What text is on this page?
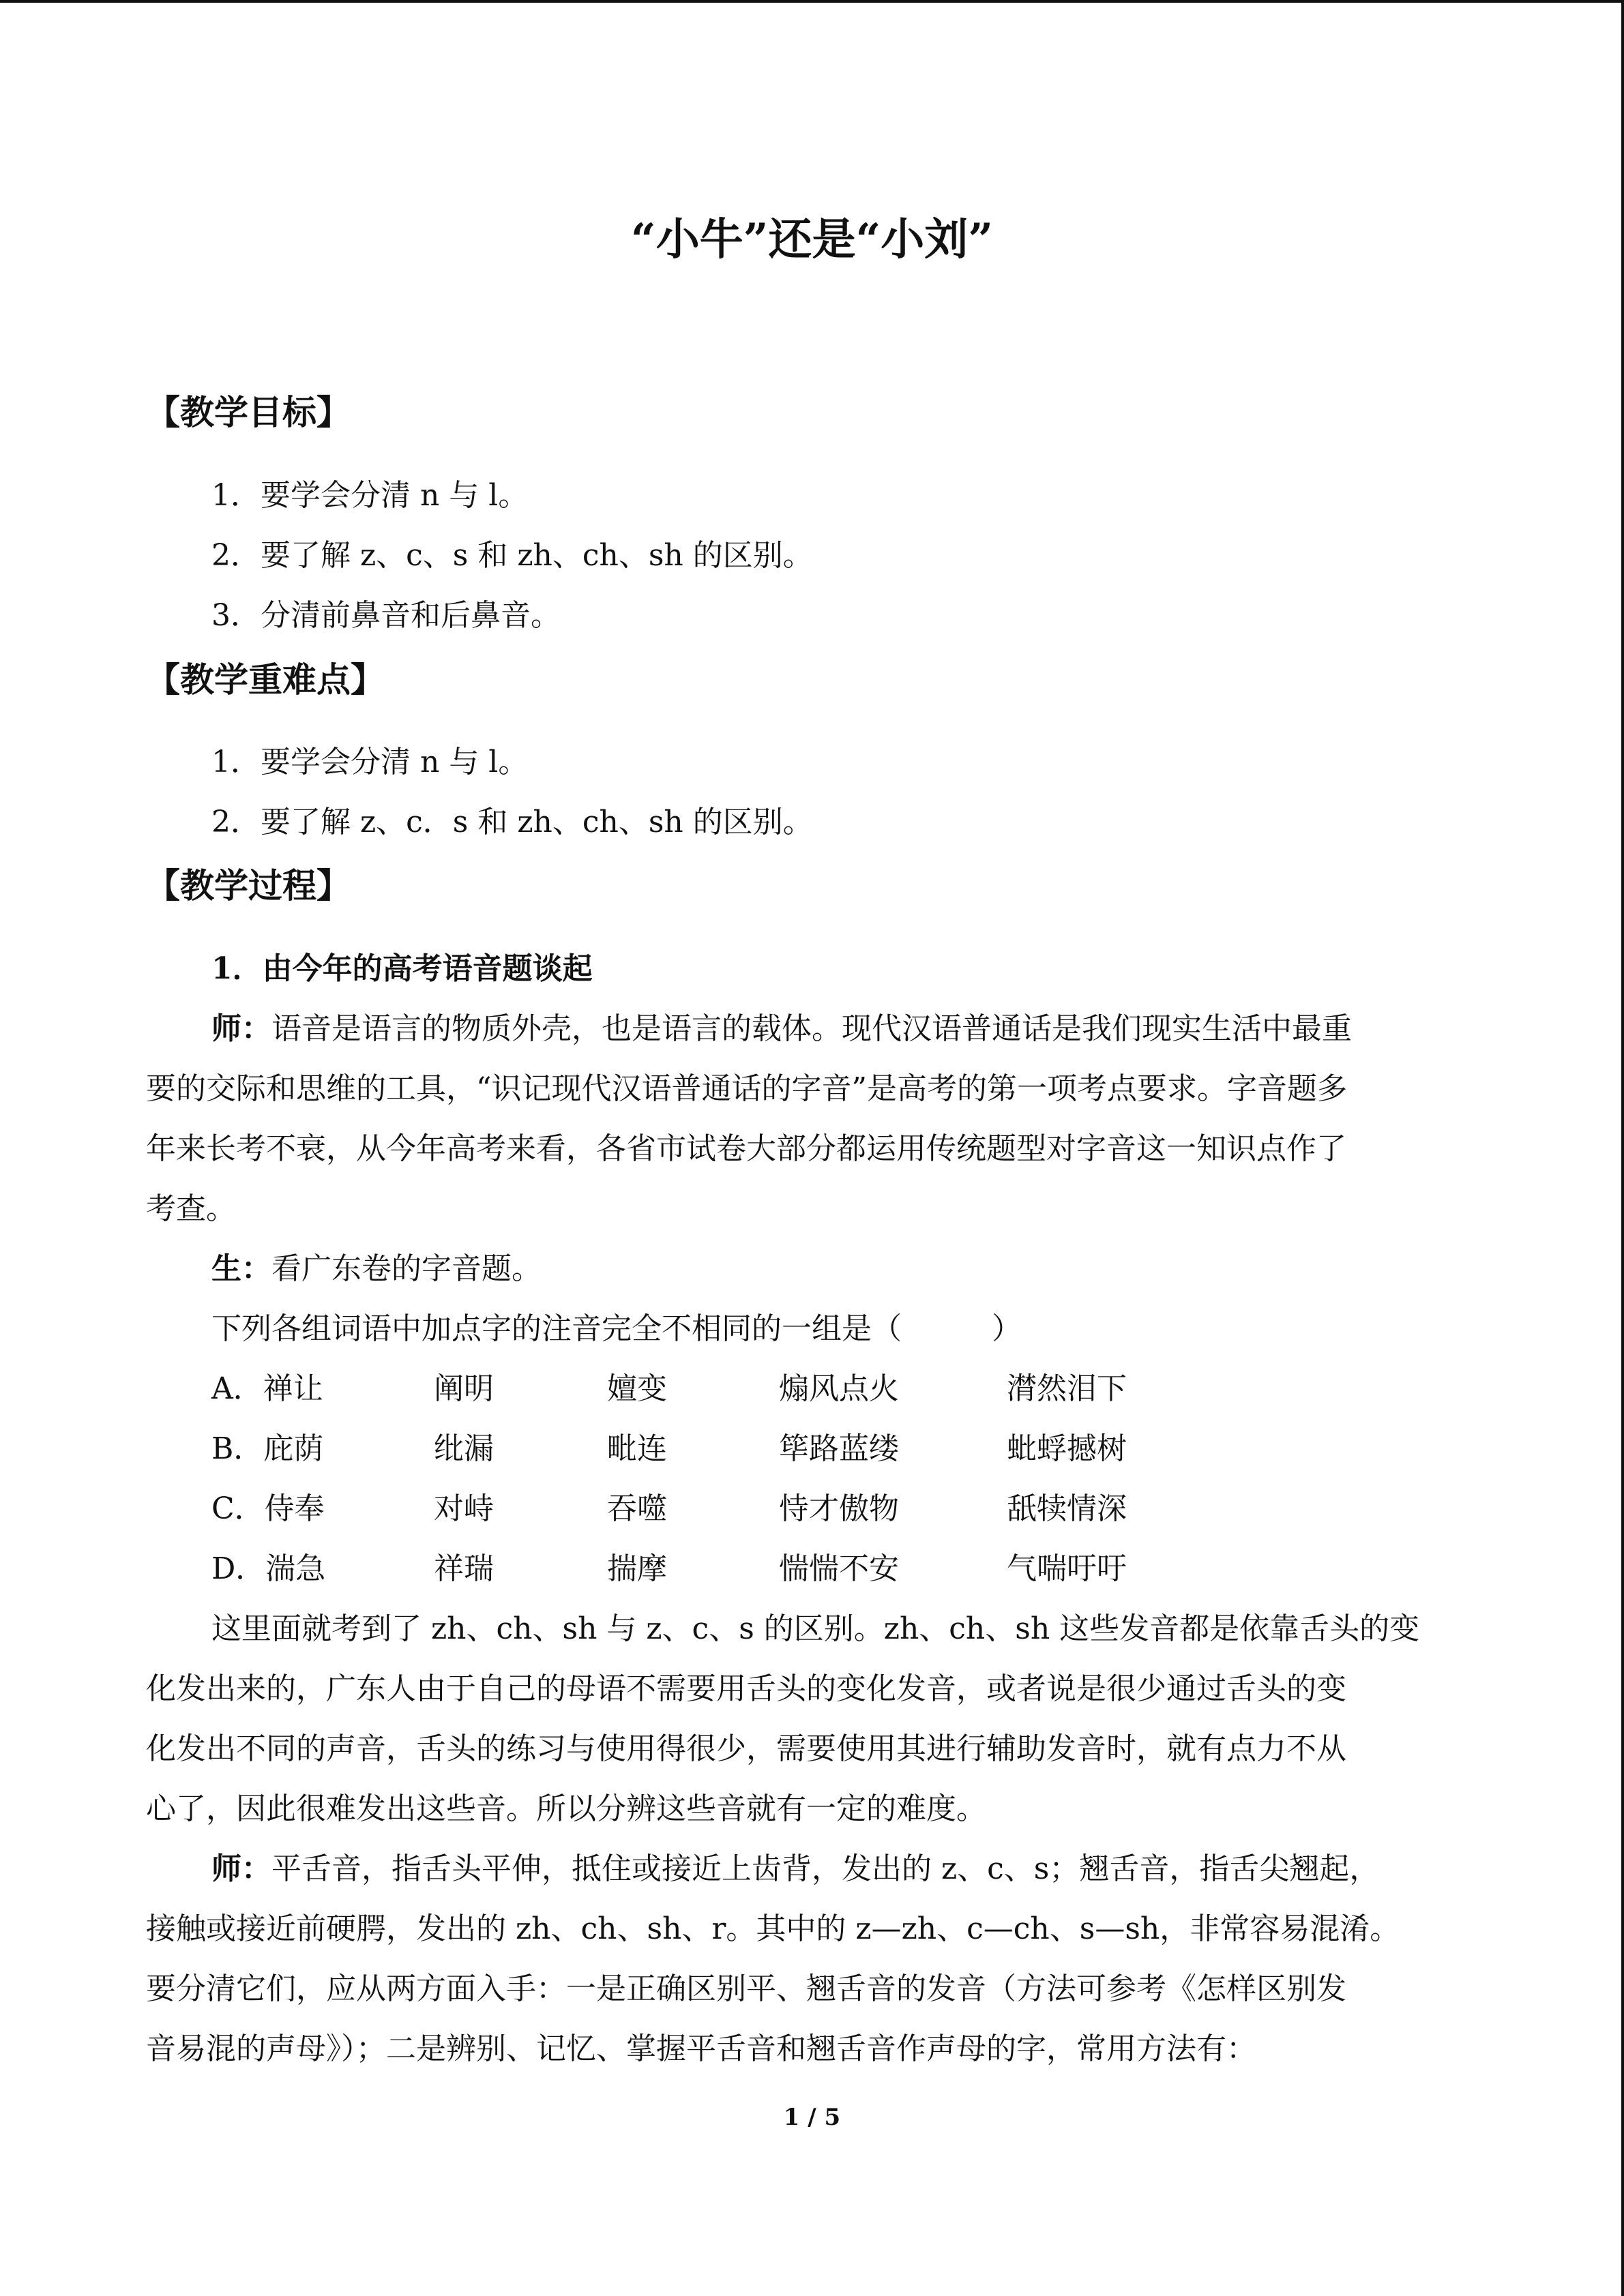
“小牛”还是“小刘”
【教学目标】
1．要学会分清 n 与 l。
2．要了解 z、c、s 和 zh、ch、sh 的区别。
3．分清前鼻音和后鼻音。
【教学重难点】
1．要学会分清 n 与 l。
2．要了解 z、c．s 和 zh、ch、sh 的区别。
【教学过程】
1．由今年的高考语音题谈起
师：语音是语言的物质外壳，也是语言的载体。现代汉语普通话是我们现实生活中最重
要的交际和思维的工具，“识记现代汉语普通话的字音”是高考的第一项考点要求。字音题多
年来长考不衰，从今年高考来看，各省市试卷大部分都运用传统题型对字音这一知识点作了
考查。
生：看广东卷的字音题。
下列各组词语中加点字的注音完全不相同的一组是（　　　）
A．禅让	阐明	嬗变	煽风点火	潸然泪下
B．庇荫	纰漏	毗连	筚路蓝缕	蚍蜉撼树
C．侍奉	对峙	吞噬	恃才傲物	舐犊情深
D．湍急	祥瑞	揣摩	惴惴不安	气喘吁吁
这里面就考到了 zh、ch、sh 与 z、c、s 的区别。zh、ch、sh 这些发音都是依靠舌头的变
化发出来的，广东人由于自己的母语不需要用舌头的变化发音，或者说是很少通过舌头的变
化发出不同的声音，舌头的练习与使用得很少，需要使用其进行辅助发音时，就有点力不从
心了，因此很难发出这些音。所以分辨这些音就有一定的难度。
师：平舌音，指舌头平伸，抵住或接近上齿背，发出的 z、c、s；翘舌音，指舌尖翘起，
接触或接近前硬腭，发出的 zh、ch、sh、r。其中的 z—zh、c—ch、s—sh，非常容易混淆。
要分清它们，应从两方面入手：一是正确区别平、翘舌音的发音（方法可参考《怎样区别发
音易混的声母》）；二是辨别、记忆、掌握平舌音和翘舌音作声母的字，常用方法有：
1 / 5
